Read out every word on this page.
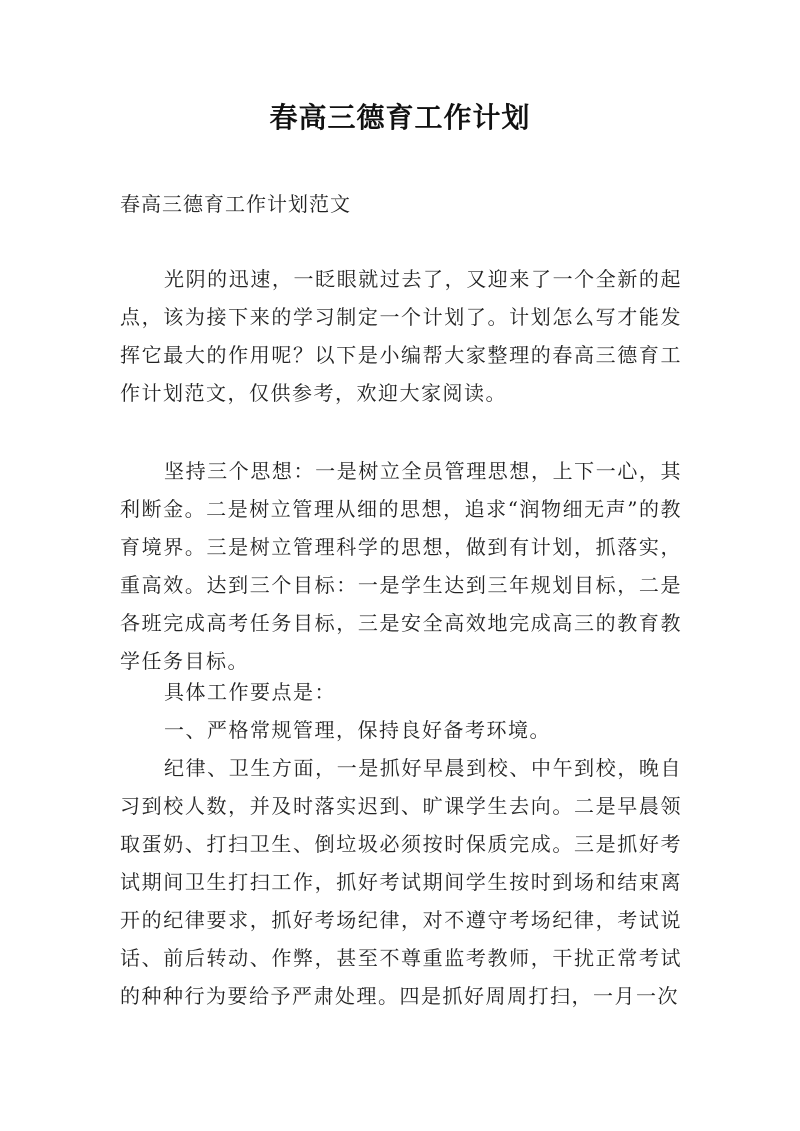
春高三德育工作计划
春高三德育工作计划范文

光阴的迅速，一眨眼就过去了，又迎来了一个全新的起点，该为接下来的学习制定一个计划了。计划怎么写才能发挥它最大的作用呢？以下是小编帮大家整理的春高三德育工作计划范文，仅供参考，欢迎大家阅读。

坚持三个思想：一是树立全员管理思想，上下一心，其利断金。二是树立管理从细的思想，追求“润物细无声”的教育境界。三是树立管理科学的思想，做到有计划，抓落实，重高效。达到三个目标：一是学生达到三年规划目标，二是各班完成高考任务目标，三是安全高效地完成高三的教育教学任务目标。

具体工作要点是：

一、严格常规管理，保持良好备考环境。

纪律、卫生方面，一是抓好早晨到校、中午到校，晚自习到校人数，并及时落实迟到、旷课学生去向。二是早晨领取蛋奶、打扫卫生、倒垃圾必须按时保质完成。三是抓好考试期间卫生打扫工作，抓好考试期间学生按时到场和结束离开的纪律要求，抓好考场纪律，对不遵守考场纪律，考试说话、前后转动、作弊，甚至不尊重监考教师，干扰正常考试的种种行为要给予严肃处理。四是抓好周周打扫，一月一次
